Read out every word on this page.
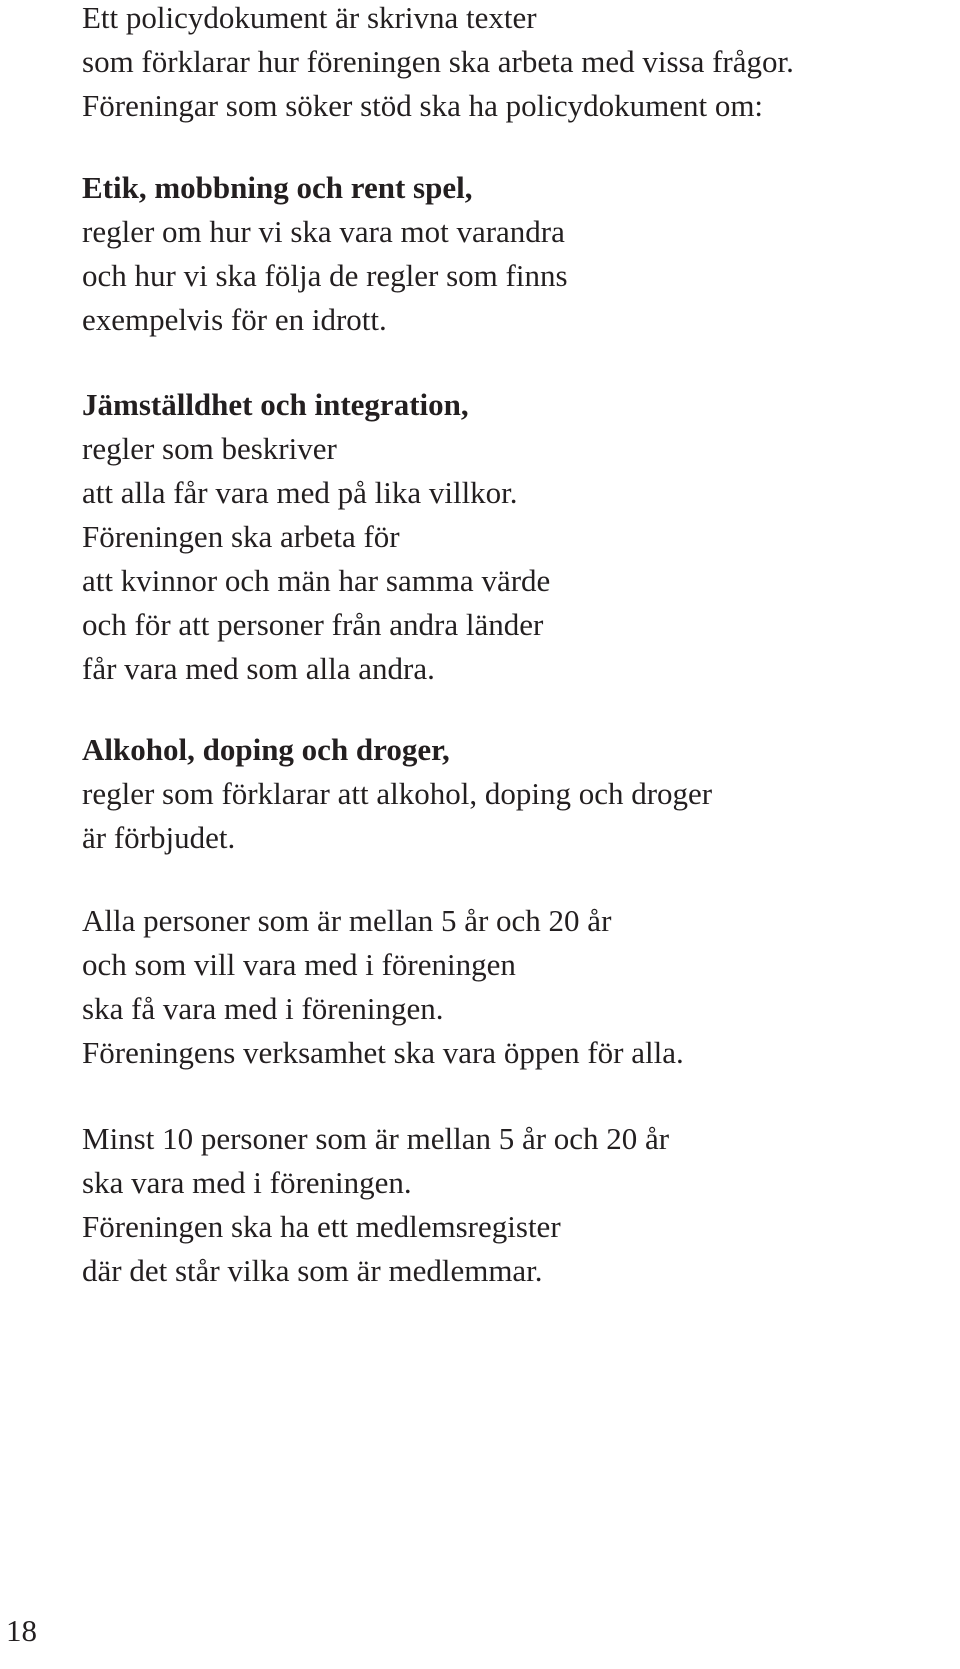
Ett policydokument är skrivna texter
som förklarar hur föreningen ska arbeta med vissa frågor.
Föreningar som söker stöd ska ha policydokument om:
Etik, mobbning och rent spel,
regler om hur vi ska vara mot varandra
och hur vi ska följa de regler som finns
exempelvis för en idrott.
Jämställdhet och integration,
regler som beskriver
att alla får vara med på lika villkor.
Föreningen ska arbeta för
att kvinnor och män har samma värde
och för att personer från andra länder
får vara med som alla andra.
Alkohol, doping och droger,
regler som förklarar att alkohol, doping och droger
är förbjudet.
Alla personer som är mellan 5 år och 20 år
och som vill vara med i föreningen
ska få vara med i föreningen.
Föreningens verksamhet ska vara öppen för alla.
Minst 10 personer som är mellan 5 år och 20 år
ska vara med i föreningen.
Föreningen ska ha ett medlemsregister
där det står vilka som är medlemmar.
18
